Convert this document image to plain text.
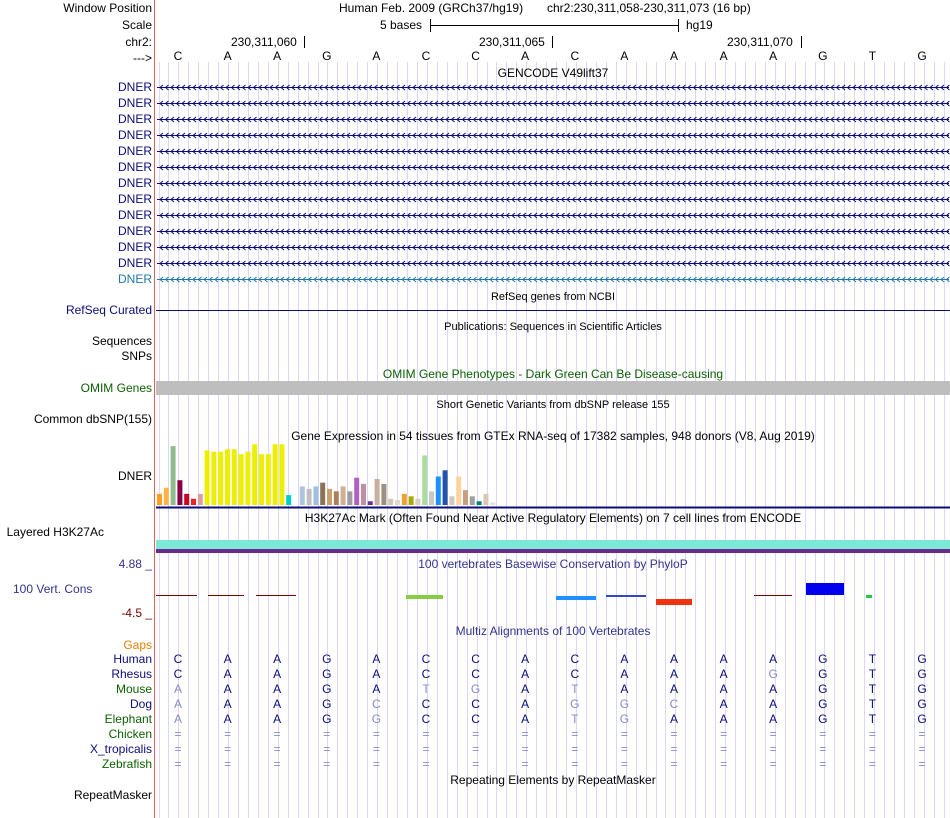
Window Position
Scale
chr2:
--->
Human Feb. 2009 (GRCh37/hg19) chr2:230,311,058-230,311,073 (16 bp)
5 bases	hg19
230,311,060	230,311,065	230,311,070
C	A	A	G	A	C	C	A	C	A	A	A	A	G	T	G
GENCODE V49lift37
DNER
DNER
DNER
DNER
DNER
DNER
DNER
DNER
DNER
DNER
DNER
DNER
DNER
RefSeq genes from NCBI
RefSeq Curated
Publications: Sequences in Scientific Articles
Sequences
SNPs
OMIM Gene Phenotypes - Dark Green Can Be Disease-causing
OMIM Genes
Short Genetic Variants from dbSNP release 155
Common dbSNP(155)
Gene Expression in 54 tissues from GTEx RNA-seq of 17382 samples, 948 donors (V8, Aug 2019)
DNER
H3K27Ac Mark (Often Found Near Active Regulatory Elements) on 7 cell lines from ENCODE
Layered H3K27Ac
100 vertebrates Basewise Conservation by PhyloP
4.88 _
100 Vert. Cons
-4.5 _
Multiz Alignments of 100 Vertebrates
Gaps
Human	C	A	A	G	A	C	C	A	C	A	A	A	A	G	T	G
Rhesus	C	A	A	G	A	C	C	A	C	A	A	A	G	G	T	G
Mouse	A	A	A	G	A	T	G	A	T	A	A	A	A	G	T	G
Dog	A	A	A	G	C	C	C	A	G	G	C	A	A	G	T	G
Elephant	A	A	A	G	G	C	C	A	T	G	A	A	A	G	T	G
Chicken	=	=	=	=	=	=	=	=	=	=	=	=	=	=	=	=
X_tropicalis	=	=	=	=	=	=	=	=	=	=	=	=	=	=	=	=
Zebrafish	=	=	=	=	=	=	=	=	=	=	=	=	=	=	=	=
Repeating Elements by RepeatMasker
RepeatMasker
